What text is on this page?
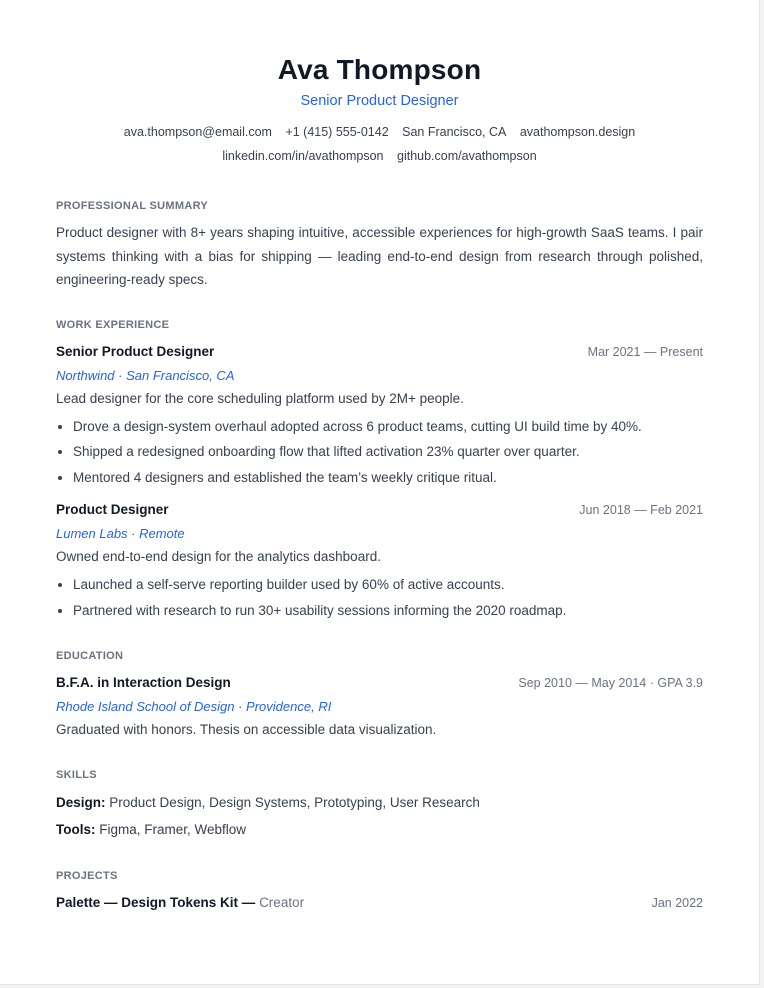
Ava Thompson
Senior Product Designer
ava.thompson@email.com +1 (415) 555-0142 San Francisco, CA avathompson.design
linkedin.com/in/avathompson github.com/avathompson
PROFESSIONAL SUMMARY
Product designer with 8+ years shaping intuitive, accessible experiences for high-growth SaaS teams. I pair systems thinking with a bias for shipping — leading end-to-end design from research through polished, engineering-ready specs.
WORK EXPERIENCE
Senior Product Designer	Mar 2021 — Present
Northwind · San Francisco, CA
Lead designer for the core scheduling platform used by 2M+ people.
• Drove a design-system overhaul adopted across 6 product teams, cutting UI build time by 40%.
• Shipped a redesigned onboarding flow that lifted activation 23% quarter over quarter.
• Mentored 4 designers and established the team’s weekly critique ritual.
Product Designer	Jun 2018 — Feb 2021
Lumen Labs · Remote
Owned end-to-end design for the analytics dashboard.
• Launched a self-serve reporting builder used by 60% of active accounts.
• Partnered with research to run 30+ usability sessions informing the 2020 roadmap.
EDUCATION
B.F.A. in Interaction Design	Sep 2010 — May 2014 · GPA 3.9
Rhode Island School of Design · Providence, RI
Graduated with honors. Thesis on accessible data visualization.
SKILLS
Design: Product Design, Design Systems, Prototyping, User Research
Tools: Figma, Framer, Webflow
PROJECTS
Palette — Design Tokens Kit — Creator	Jan 2022
